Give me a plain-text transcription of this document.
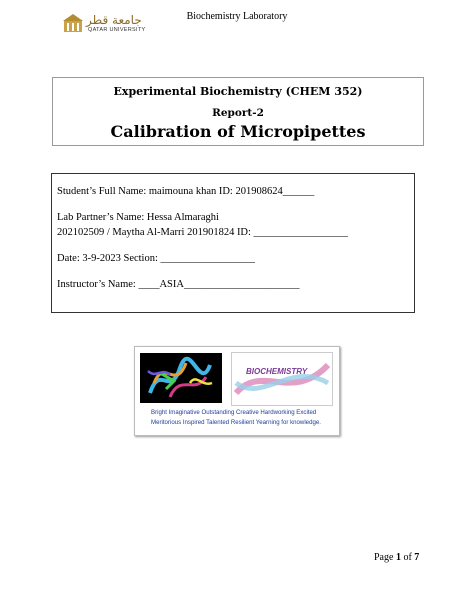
جامعة قطر
QATAR UNIVERSITY
Biochemistry Laboratory
Experimental Biochemistry (CHEM 352)
Report-2
Calibration of Micropipettes
Student’s Full Name: maimouna khan ID: 201908624______
Lab Partner’s Name: Hessa Almaraghi
202102509 / Maytha Al-Marri 201901824 ID: __________________
Date: 3-9-2023 Section: __________________
Instructor’s Name: ____ASIA______________________
BIOCHEMISTRY
Bright Imaginative Outstanding Creative Hardworking Excited
Meritorious Inspired Talented Resilient Yearning for knowledge.
Page 1 of 7
